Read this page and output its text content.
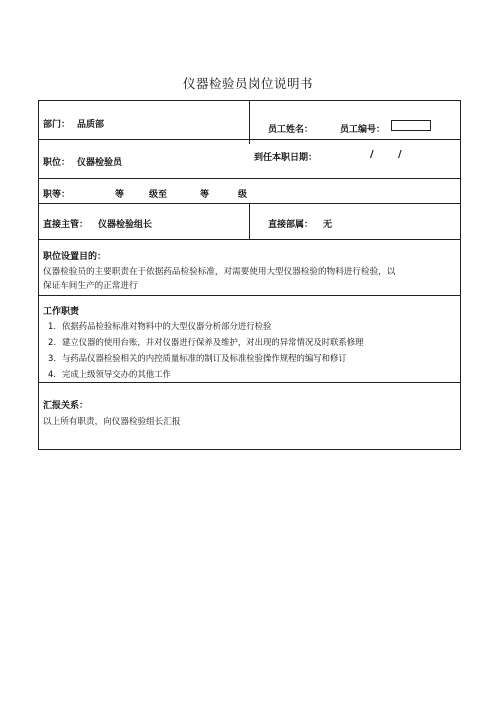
仪器检验员岗位说明书
部门： 品质部	员工姓名：	员工编号：
职位： 仪器检验员	到任本职日期：	/ /
职等：	等	级至	等	级
直接主管： 仪器检验组长	直接部属： 无
职位设置目的：
仪器检验员的主要职责在于依据药品检验标准，对需要使用大型仪器检验的物料进行检验，以
保证车间生产的正常进行
工作职责
1. 依据药品检验标准对物料中的大型仪器分析部分进行检验
2. 建立仪器的使用台账，并对仪器进行保养及维护，对出现的异常情况及时联系修理
3. 与药品仪器检验相关的内控质量标准的制订及标准检验操作规程的编写和修订
4. 完成上级领导交办的其他工作
汇报关系：
以上所有职责，向仪器检验组长汇报
